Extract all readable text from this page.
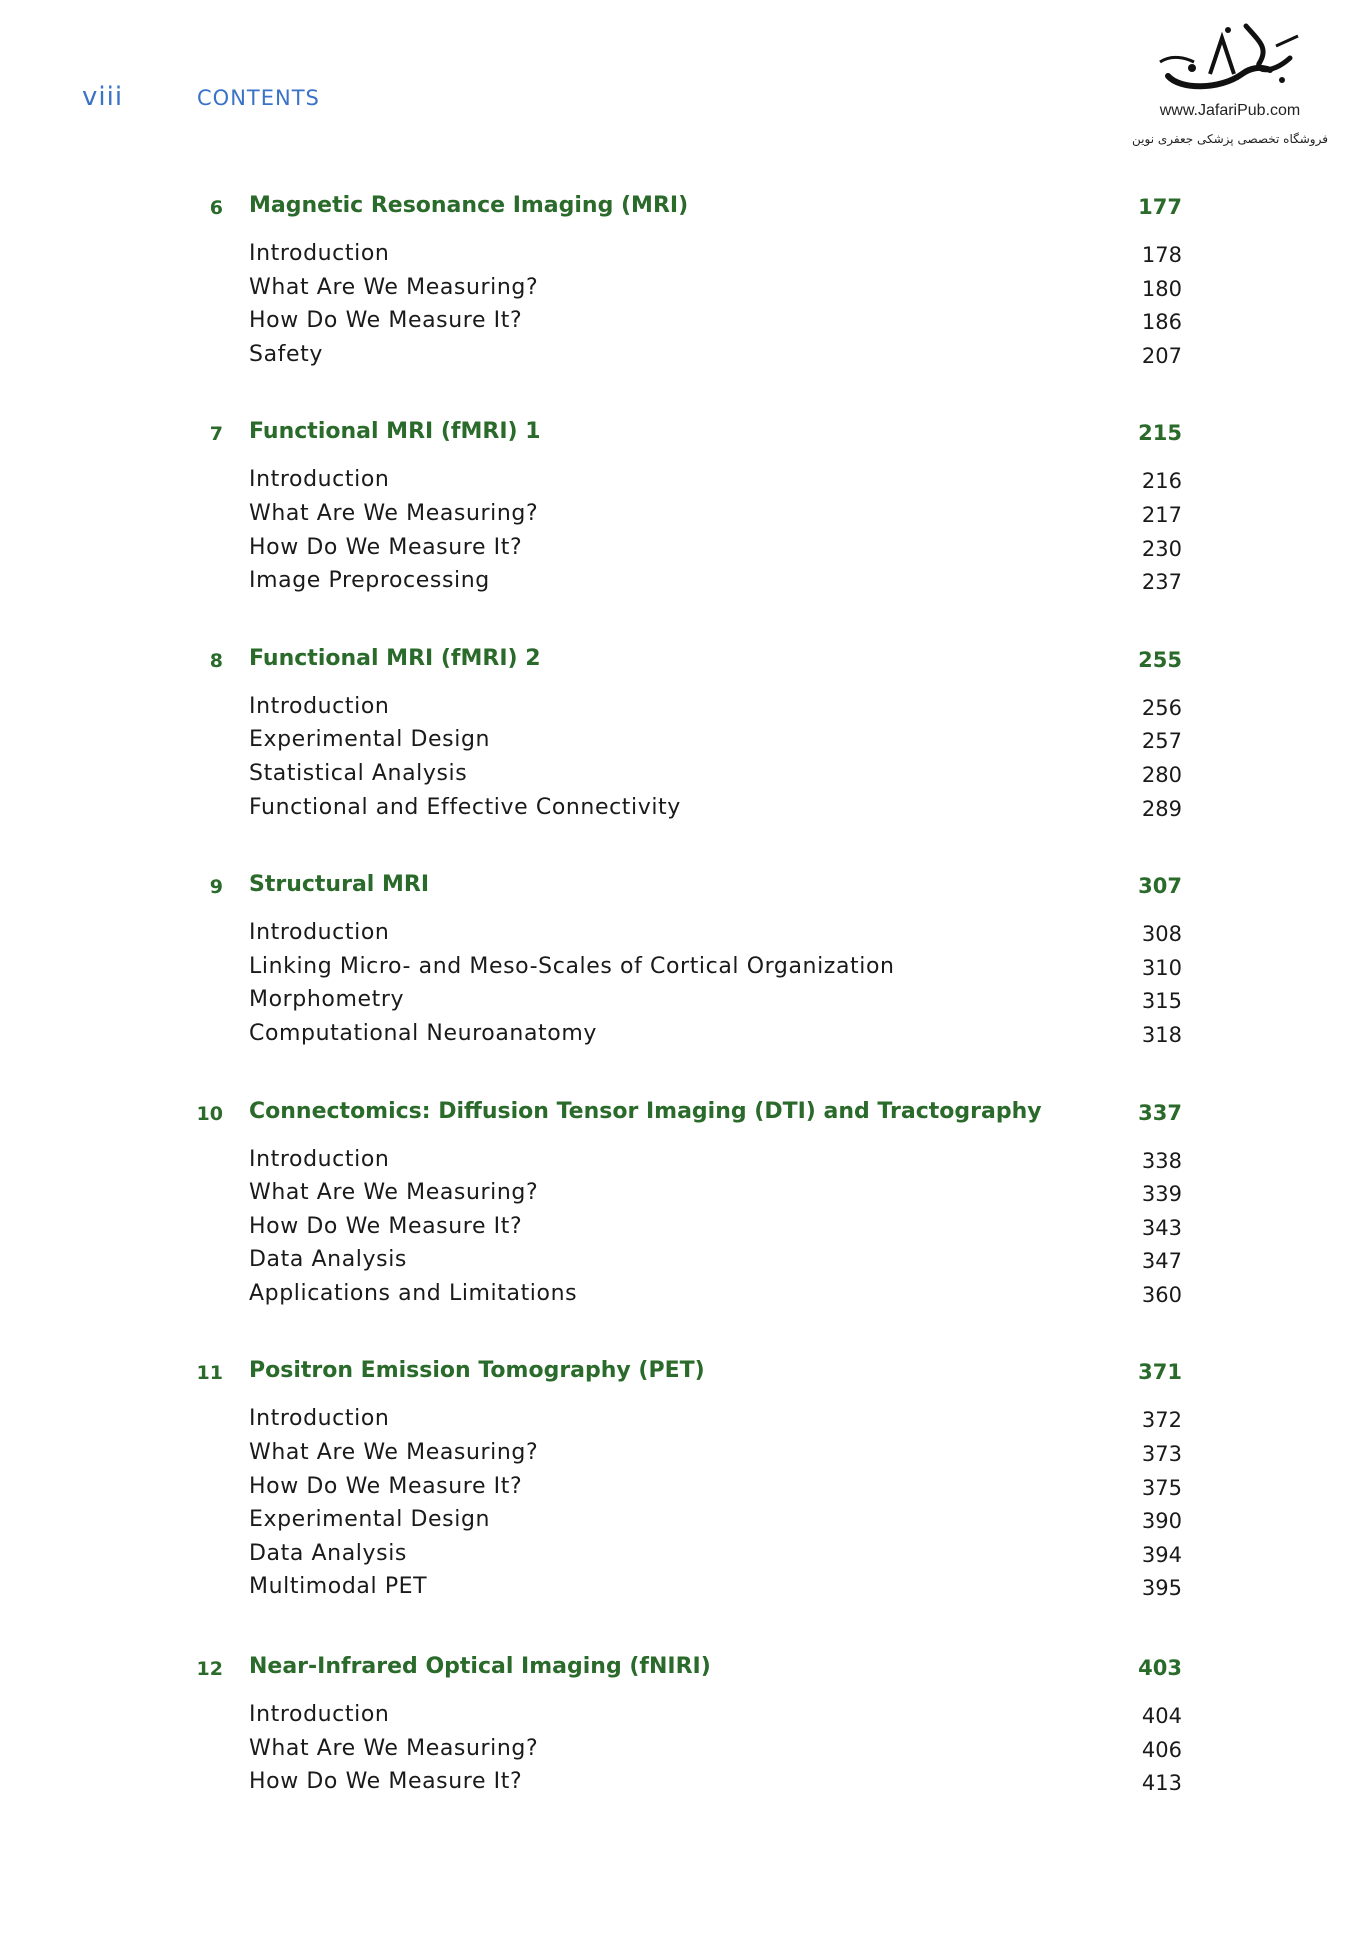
viii	CONTENTS
www.JafariPub.com
فروشگاه تخصصی پزشکی جعفری نوین
6 Magnetic Resonance Imaging (MRI)	177
Introduction	178
What Are We Measuring?	180
How Do We Measure It?	186
Safety	207
7 Functional MRI (fMRI) 1	215
Introduction	216
What Are We Measuring?	217
How Do We Measure It?	230
Image Preprocessing	237
8 Functional MRI (fMRI) 2	255
Introduction	256
Experimental Design	257
Statistical Analysis	280
Functional and Effective Connectivity	289
9 Structural MRI	307
Introduction	308
Linking Micro- and Meso-Scales of Cortical Organization	310
Morphometry	315
Computational Neuroanatomy	318
10 Connectomics: Diffusion Tensor Imaging (DTI) and Tractography	337
Introduction	338
What Are We Measuring?	339
How Do We Measure It?	343
Data Analysis	347
Applications and Limitations	360
11 Positron Emission Tomography (PET)	371
Introduction	372
What Are We Measuring?	373
How Do We Measure It?	375
Experimental Design	390
Data Analysis	394
Multimodal PET	395
12 Near-Infrared Optical Imaging (fNIRI)	403
Introduction	404
What Are We Measuring?	406
How Do We Measure It?	413
